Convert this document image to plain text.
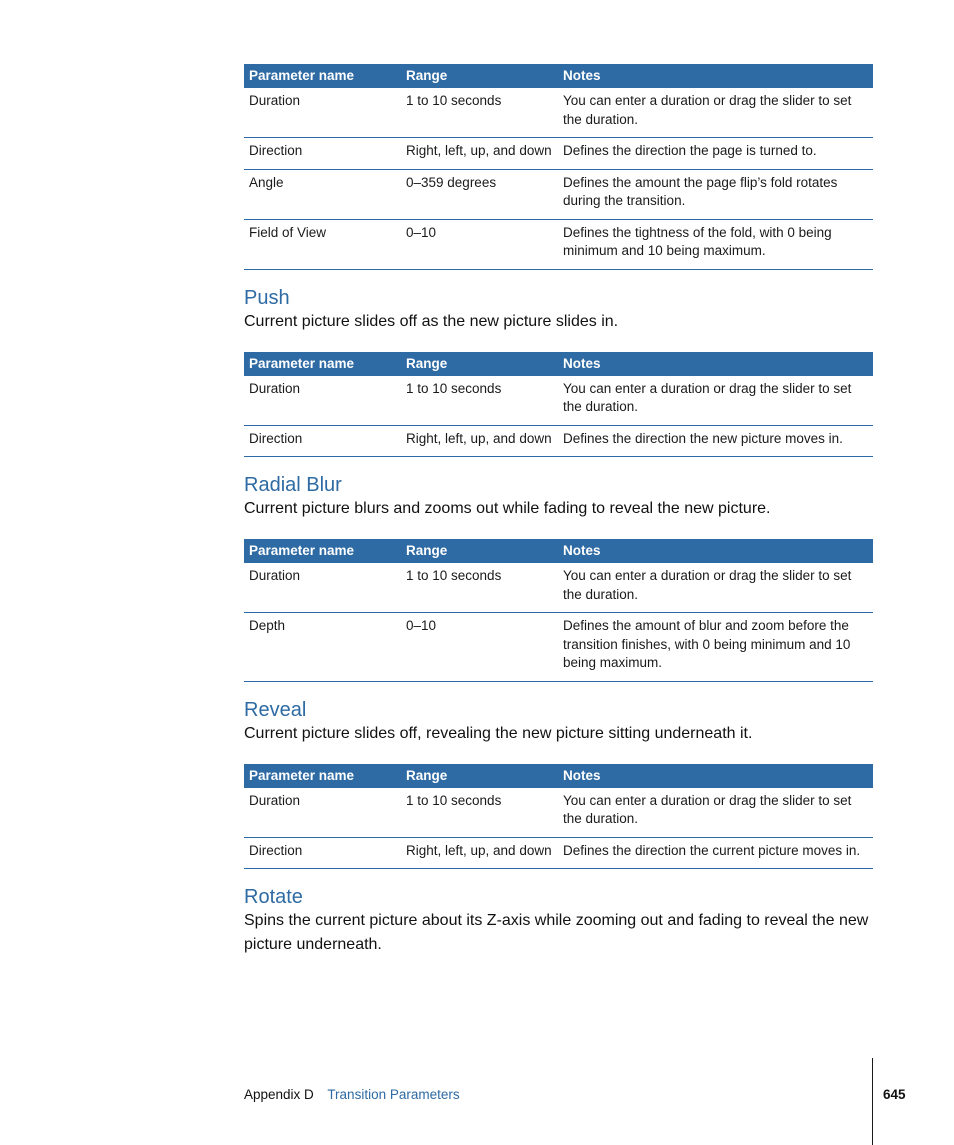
Parameter name	Range	Notes
Duration	1 to 10 seconds	You can enter a duration or drag the slider to set the duration.
Direction	Right, left, up, and down	Defines the direction the page is turned to.
Angle	0–359 degrees	Defines the amount the page flip’s fold rotates during the transition.
Field of View	0–10	Defines the tightness of the fold, with 0 being minimum and 10 being maximum.
Push

Current picture slides off as the new picture slides in.

Parameter name	Range	Notes
Duration	1 to 10 seconds	You can enter a duration or drag the slider to set the duration.
Direction	Right, left, up, and down	Defines the direction the new picture moves in.
Radial Blur

Current picture blurs and zooms out while fading to reveal the new picture.

Parameter name	Range	Notes
Duration	1 to 10 seconds	You can enter a duration or drag the slider to set the duration.
Depth	0–10	Defines the amount of blur and zoom before the transition finishes, with 0 being minimum and 10 being maximum.
Reveal

Current picture slides off, revealing the new picture sitting underneath it.

Parameter name	Range	Notes
Duration	1 to 10 seconds	You can enter a duration or drag the slider to set the duration.
Direction	Right, left, up, and down	Defines the direction the current picture moves in.
Rotate

Spins the current picture about its Z-axis while zooming out and fading to reveal the new picture underneath.

Appendix D Transition Parameters	645
